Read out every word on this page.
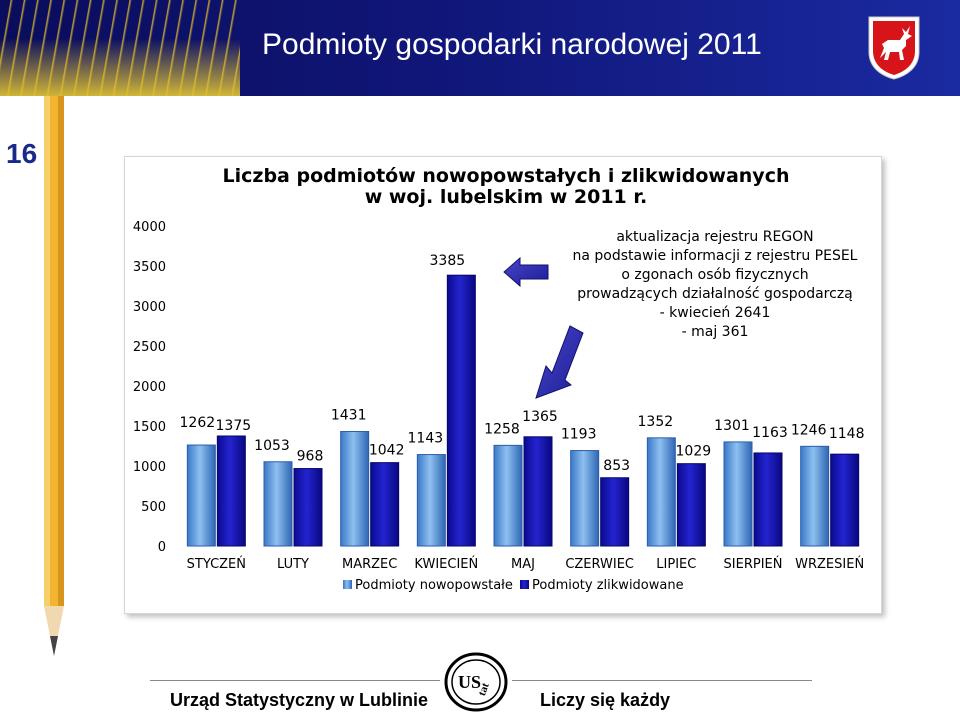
Podmioty gospodarki narodowej 2011
16
Liczba podmiotów nowopowstałych i zlikwidowanych
w woj. lubelskim w 2011 r.
aktualizacja rejestru REGON
na podstawie informacji z rejestru PESEL
o zgonach osób fizycznych
prowadzących działalność gospodarczą
- kwiecień 2641
- maj 361
0
500
1000
1500
2000
2500
3000
3500
4000
STYCZEŃ LUTY	MARZEC KWIECIEŃ	MAJ CZERWIEC LIPIEC SIERPIEŃ WRZESIEŃ
1262 1375
1053
968
1431
1042
1143
3385
1258
1365
1193
853
1352
1029
1301 1163 1246 1148
Podmioty nowopowstałe Podmioty zlikwidowane
Urząd Statystyczny w Lublinie	Liczy się każdy
US
tat
